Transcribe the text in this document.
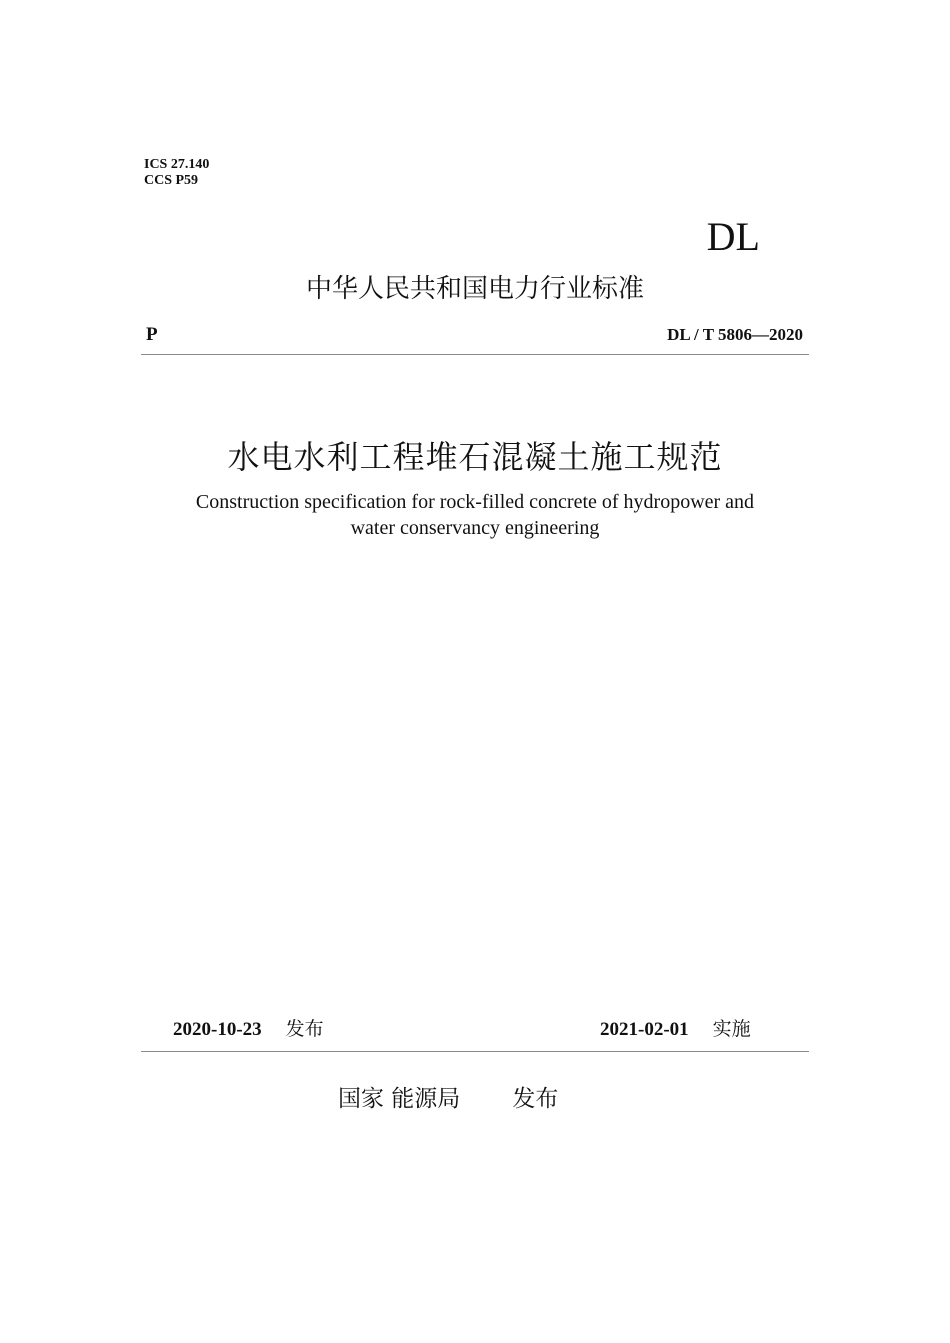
ICS 27.140
CCS P59
DL
中华人民共和国电力行业标准
P	DL / T 5806—2020
水电水利工程堆石混凝土施工规范
Construction specification for rock-filled concrete of hydropower and
water conservancy engineering
2020-10-23 发布	2021-02-01 实施
国家 能源局 发布
